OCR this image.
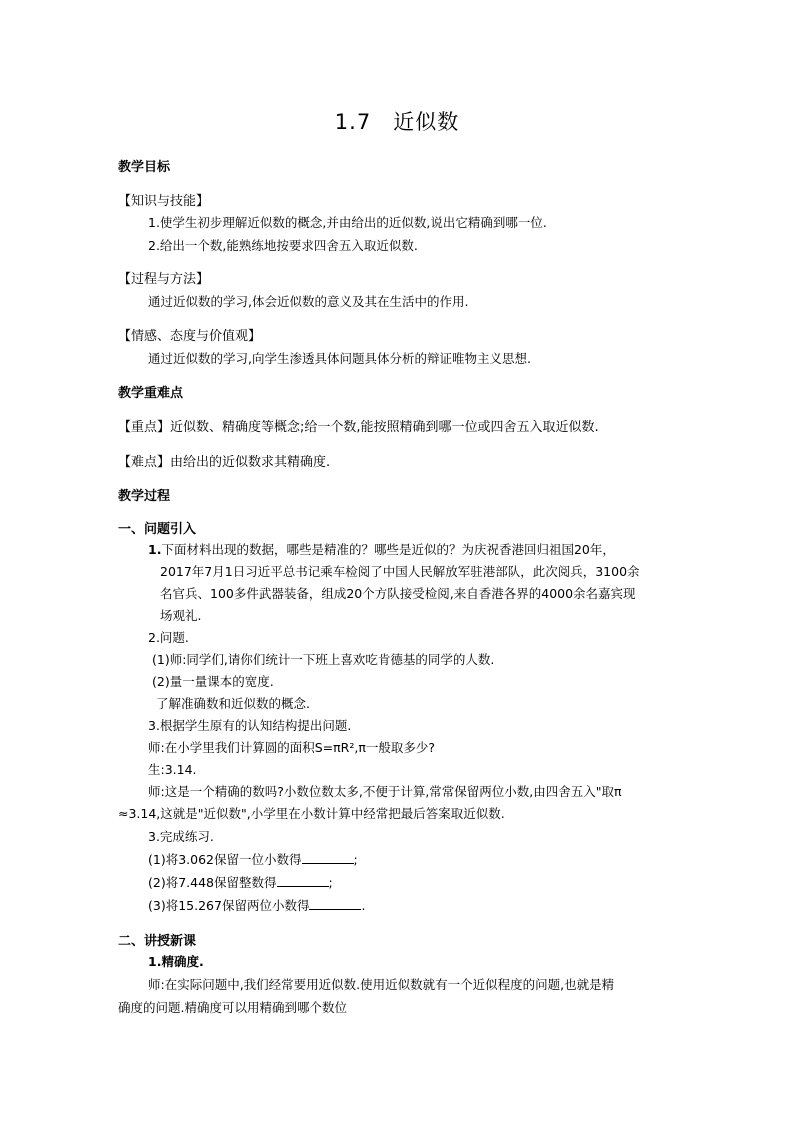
1.7　近似数
教学目标
【知识与技能】
1.使学生初步理解近似数的概念,并由给出的近似数,说出它精确到哪一位.
2.给出一个数,能熟练地按要求四舍五入取近似数.
【过程与方法】
通过近似数的学习,体会近似数的意义及其在生活中的作用.
【情感、态度与价值观】
通过近似数的学习,向学生渗透具体问题具体分析的辩证唯物主义思想.
教学重难点
【重点】近似数、精确度等概念;给一个数,能按照精确到哪一位或四舍五入取近似数.
【难点】由给出的近似数求其精确度.
教学过程
一、问题引入
1.下面材料出现的数据，哪些是精准的？哪些是近似的？为庆祝香港回归祖国20年，
2017年7月1日习近平总书记乘车检阅了中国人民解放军驻港部队，此次阅兵，3100余
名官兵、100多件武器装备，组成20个方队接受检阅,来自香港各界的4000余名嘉宾现
场观礼.
2.问题.
(1)师:同学们,请你们统计一下班上喜欢吃肯德基的同学的人数.
(2)量一量课本的宽度.
了解准确数和近似数的概念.
3.根据学生原有的认知结构提出问题.
师:在小学里我们计算圆的面积S=πR²,π一般取多少?
生:3.14.
师:这是一个精确的数吗?小数位数太多,不便于计算,常常保留两位小数,由四舍五入"取π
≈3.14,这就是"近似数",小学里在小数计算中经常把最后答案取近似数.
3.完成练习.
(1)将3.062保留一位小数得	;
(2)将7.448保留整数得	;
(3)将15.267保留两位小数得	.
二、讲授新课
1.精确度.
师:在实际问题中,我们经常要用近似数.使用近似数就有一个近似程度的问题,也就是精
确度的问题.精确度可以用精确到哪个数位
